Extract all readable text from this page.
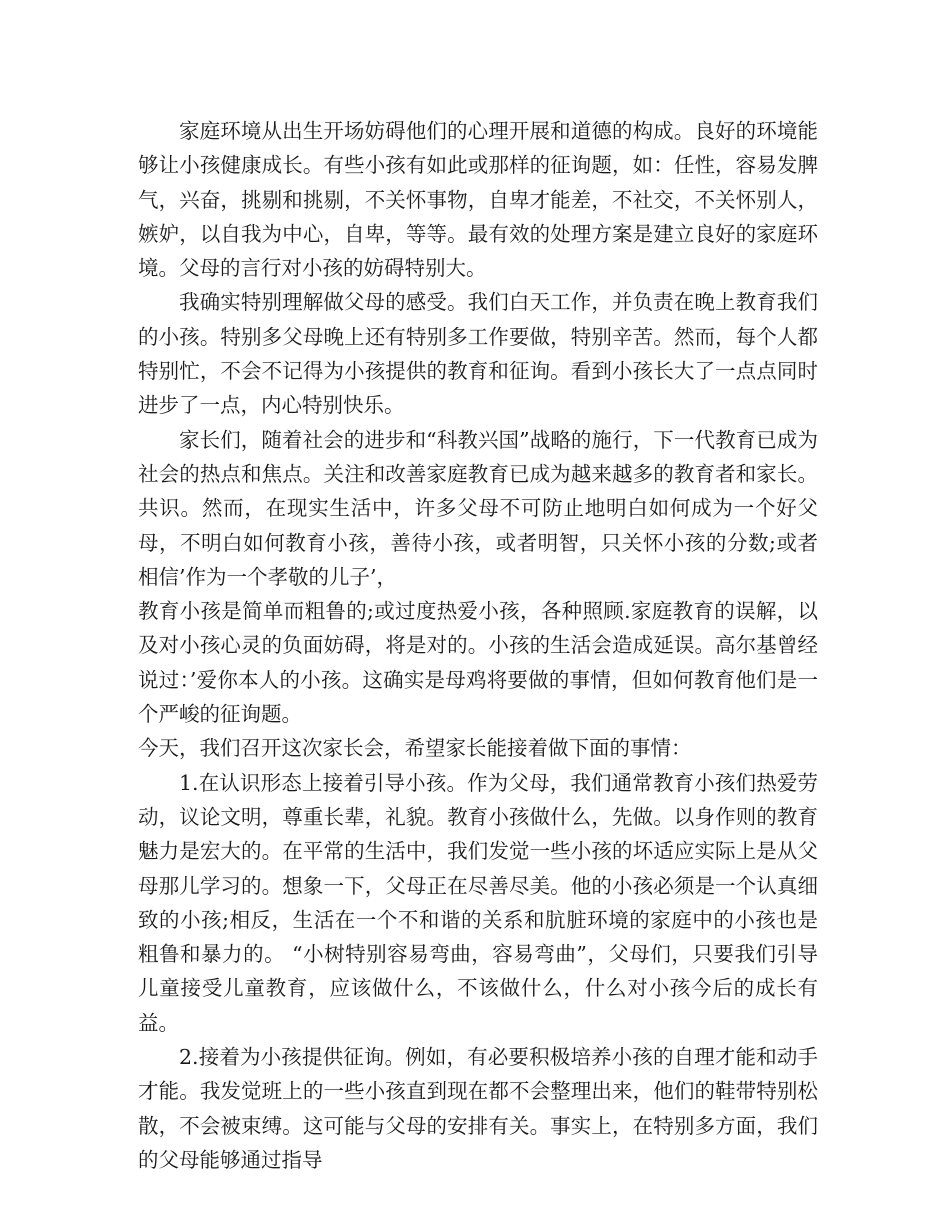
家庭环境从出生开场妨碍他们的心理开展和道德的构成。良好的环境能够让小孩健康成长。有些小孩有如此或那样的征询题，如：任性，容易发脾气，兴奋，挑剔和挑剔，不关怀事物，自卑才能差，不社交，不关怀别人，嫉妒，以自我为中心，自卑，等等。最有效的处理方案是建立良好的家庭环境。父母的言行对小孩的妨碍特别大。

我确实特别理解做父母的感受。我们白天工作，并负责在晚上教育我们的小孩。特别多父母晚上还有特别多工作要做，特别辛苦。然而，每个人都特别忙，不会不记得为小孩提供的教育和征询。看到小孩长大了一点点同时进步了一点，内心特别快乐。

家长们，随着社会的进步和“科教兴国”战略的施行，下一代教育已成为社会的热点和焦点。关注和改善家庭教育已成为越来越多的教育者和家长。共识。然而，在现实生活中，许多父母不可防止地明白如何成为一个好父母，不明白如何教育小孩，善待小孩，或者明智，只关怀小孩的分数;或者相信’作为一个孝敬的儿子’，
教育小孩是简单而粗鲁的;或过度热爱小孩，各种照顾.家庭教育的误解，以及对小孩心灵的负面妨碍，将是对的。小孩的生活会造成延误。高尔基曾经说过：’爱你本人的小孩。这确实是母鸡将要做的事情，但如何教育他们是一个严峻的征询题。
今天，我们召开这次家长会，希望家长能接着做下面的事情：

1.在认识形态上接着引导小孩。作为父母，我们通常教育小孩们热爱劳动，议论文明，尊重长辈，礼貌。教育小孩做什么，先做。以身作则的教育魅力是宏大的。在平常的生活中，我们发觉一些小孩的坏适应实际上是从父母那儿学习的。想象一下，父母正在尽善尽美。他的小孩必须是一个认真细致的小孩;相反，生活在一个不和谐的关系和肮脏环境的家庭中的小孩也是粗鲁和暴力的。 “小树特别容易弯曲，容易弯曲”，父母们，只要我们引导儿童接受儿童教育，应该做什么，不该做什么，什么对小孩今后的成长有益。

2.接着为小孩提供征询。例如，有必要积极培养小孩的自理才能和动手才能。我发觉班上的一些小孩直到现在都不会整理出来，他们的鞋带特别松散，不会被束缚。这可能与父母的安排有关。事实上，在特别多方面，我们的父母能够通过指导
